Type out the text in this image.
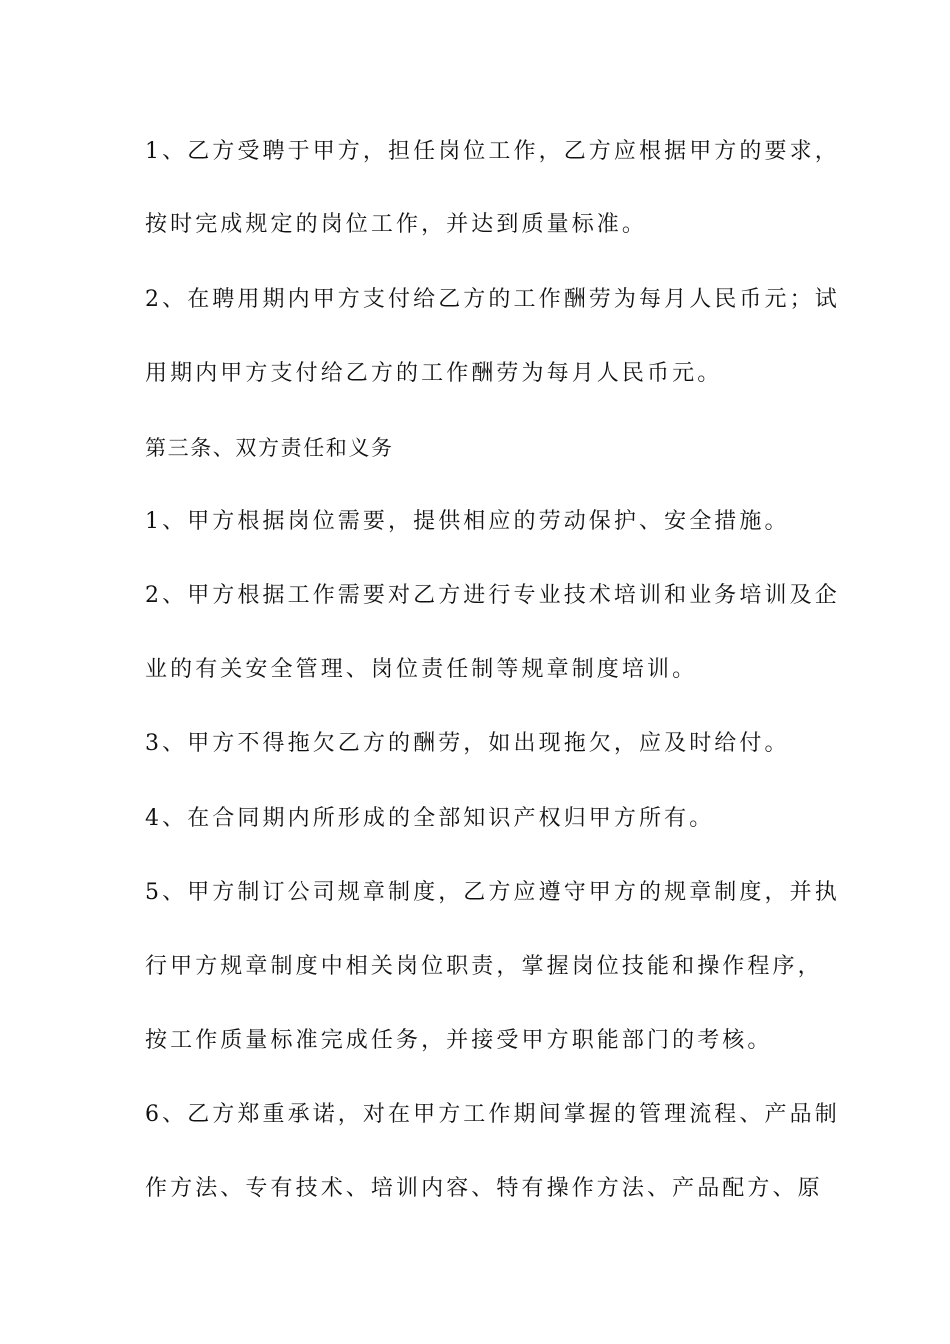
1、乙方受聘于甲方，担任岗位工作，乙方应根据甲方的要求，

按时完成规定的岗位工作，并达到质量标准。

2、在聘用期内甲方支付给乙方的工作酬劳为每月人民币元；试

用期内甲方支付给乙方的工作酬劳为每月人民币元。

第三条、双方责任和义务

1、甲方根据岗位需要，提供相应的劳动保护、安全措施。

2、甲方根据工作需要对乙方进行专业技术培训和业务培训及企

业的有关安全管理、岗位责任制等规章制度培训。

3、甲方不得拖欠乙方的酬劳，如出现拖欠，应及时给付。

4、在合同期内所形成的全部知识产权归甲方所有。

5、甲方制订公司规章制度，乙方应遵守甲方的规章制度，并执

行甲方规章制度中相关岗位职责，掌握岗位技能和操作程序，

按工作质量标准完成任务，并接受甲方职能部门的考核。

6、乙方郑重承诺，对在甲方工作期间掌握的管理流程、产品制

作方法、专有技术、培训内容、特有操作方法、产品配方、原
